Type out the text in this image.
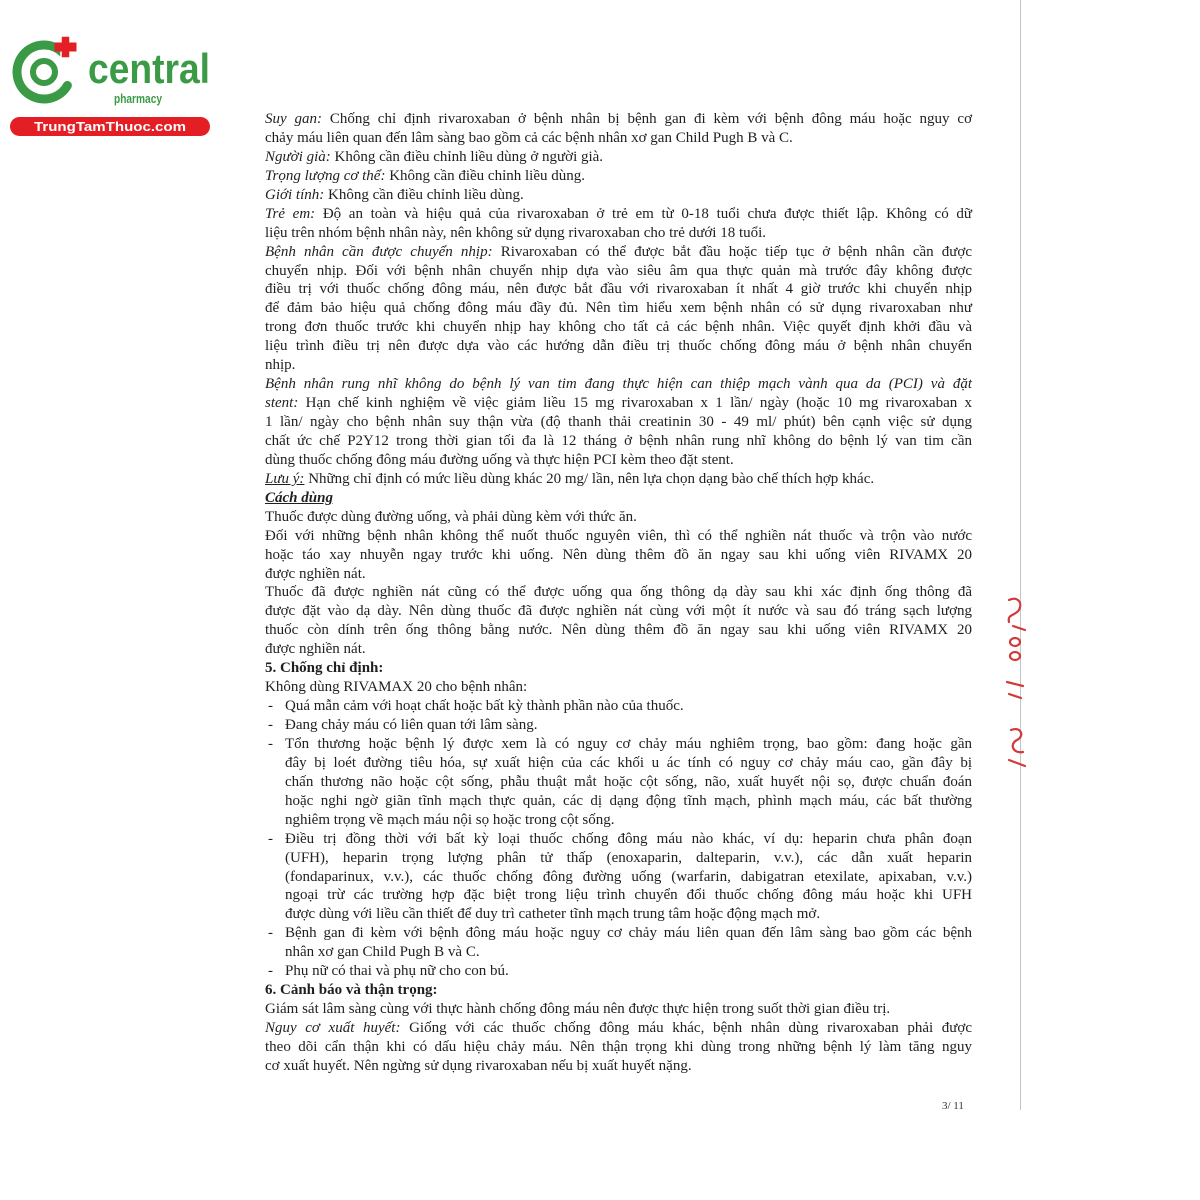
central
pharmacy
TrungTamThuoc.com	Suy gan: Chống chỉ định rivaroxaban ở bệnh nhân bị bệnh gan đi kèm với bệnh đông máu hoặc nguy cơ
chảy máu liên quan đến lâm sàng bao gồm cả các bệnh nhân xơ gan Child Pugh B và C.
Người già: Không cần điều chỉnh liều dùng ở người già.
Trọng lượng cơ thể: Không cần điều chỉnh liều dùng.
Giới tính: Không cần điều chỉnh liều dùng.
Trẻ em: Độ an toàn và hiệu quả của rivaroxaban ở trẻ em từ 0-18 tuổi chưa được thiết lập. Không có dữ
liệu trên nhóm bệnh nhân này, nên không sử dụng rivaroxaban cho trẻ dưới 18 tuổi.
Bệnh nhân cần được chuyển nhịp: Rivaroxaban có thể được bắt đầu hoặc tiếp tục ở bệnh nhân cần được
chuyển nhịp. Đối với bệnh nhân chuyển nhịp dựa vào siêu âm qua thực quản mà trước đây không được
điều trị với thuốc chống đông máu, nên được bắt đầu với rivaroxaban ít nhất 4 giờ trước khi chuyển nhịp
để đảm bảo hiệu quả chống đông máu đầy đủ. Nên tìm hiểu xem bệnh nhân có sử dụng rivaroxaban như
trong đơn thuốc trước khi chuyển nhịp hay không cho tất cả các bệnh nhân. Việc quyết định khởi đầu và
liệu trình điều trị nên được dựa vào các hướng dẫn điều trị thuốc chống đông máu ở bệnh nhân chuyển
nhịp.
Bệnh nhân rung nhĩ không do bệnh lý van tim đang thực hiện can thiệp mạch vành qua da (PCI) và đặt
stent: Hạn chế kinh nghiệm về việc giảm liều 15 mg rivaroxaban x 1 lần/ ngày (hoặc 10 mg rivaroxaban x
1 lần/ ngày cho bệnh nhân suy thận vừa (độ thanh thải creatinin 30 - 49 ml/ phút) bên cạnh việc sử dụng
chất ức chế P2Y12 trong thời gian tối đa là 12 tháng ở bệnh nhân rung nhĩ không do bệnh lý van tim cần
dùng thuốc chống đông máu đường uống và thực hiện PCI kèm theo đặt stent.
Lưu ý: Những chỉ định có mức liều dùng khác 20 mg/ lần, nên lựa chọn dạng bào chế thích hợp khác.
Cách dùng
Thuốc được dùng đường uống, và phải dùng kèm với thức ăn.
Đối với những bệnh nhân không thể nuốt thuốc nguyên viên, thì có thể nghiền nát thuốc và trộn vào nước
hoặc táo xay nhuyễn ngay trước khi uống. Nên dùng thêm đồ ăn ngay sau khi uống viên RIVAMX 20
được nghiền nát.
Thuốc đã được nghiền nát cũng có thể được uống qua ống thông dạ dày sau khi xác định ống thông đã
được đặt vào dạ dày. Nên dùng thuốc đã được nghiền nát cùng với một ít nước và sau đó tráng sạch lượng
thuốc còn dính trên ống thông bằng nước. Nên dùng thêm đồ ăn ngay sau khi uống viên RIVAMX 20
được nghiền nát.
5. Chống chỉ định:
Không dùng RIVAMAX 20 cho bệnh nhân:
- Quá mẫn cảm với hoạt chất hoặc bất kỳ thành phần nào của thuốc.
- Đang chảy máu có liên quan tới lâm sàng.
- Tổn thương hoặc bệnh lý được xem là có nguy cơ chảy máu nghiêm trọng, bao gồm: đang hoặc gần
đây bị loét đường tiêu hóa, sự xuất hiện của các khối u ác tính có nguy cơ chảy máu cao, gần đây bị
chấn thương não hoặc cột sống, phẫu thuật mắt hoặc cột sống, não, xuất huyết nội sọ, được chuẩn đoán
hoặc nghi ngờ giãn tĩnh mạch thực quản, các dị dạng động tĩnh mạch, phình mạch máu, các bất thường
nghiêm trọng về mạch máu nội sọ hoặc trong cột sống.
- Điều trị đồng thời với bất kỳ loại thuốc chống đông máu nào khác, ví dụ: heparin chưa phân đoạn
(UFH), heparin trọng lượng phân tử thấp (enoxaparin, dalteparin, v.v.), các dẫn xuất heparin
(fondaparinux, v.v.), các thuốc chống đông đường uống (warfarin, dabigatran etexilate, apixaban, v.v.)
ngoại trừ các trường hợp đặc biệt trong liệu trình chuyển đổi thuốc chống đông máu hoặc khi UFH
được dùng với liều cần thiết để duy trì catheter tĩnh mạch trung tâm hoặc động mạch mở.
- Bệnh gan đi kèm với bệnh đông máu hoặc nguy cơ chảy máu liên quan đến lâm sàng bao gồm các bệnh
nhân xơ gan Child Pugh B và C.
- Phụ nữ có thai và phụ nữ cho con bú.
6. Cảnh báo và thận trọng:
Giám sát lâm sàng cùng với thực hành chống đông máu nên được thực hiện trong suốt thời gian điều trị.
Nguy cơ xuất huyết: Giống với các thuốc chống đông máu khác, bệnh nhân dùng rivaroxaban phải được
theo dõi cẩn thận khi có dấu hiệu chảy máu. Nên thận trọng khi dùng trong những bệnh lý làm tăng nguy
cơ xuất huyết. Nên ngừng sử dụng rivaroxaban nếu bị xuất huyết nặng.
3/ 11
